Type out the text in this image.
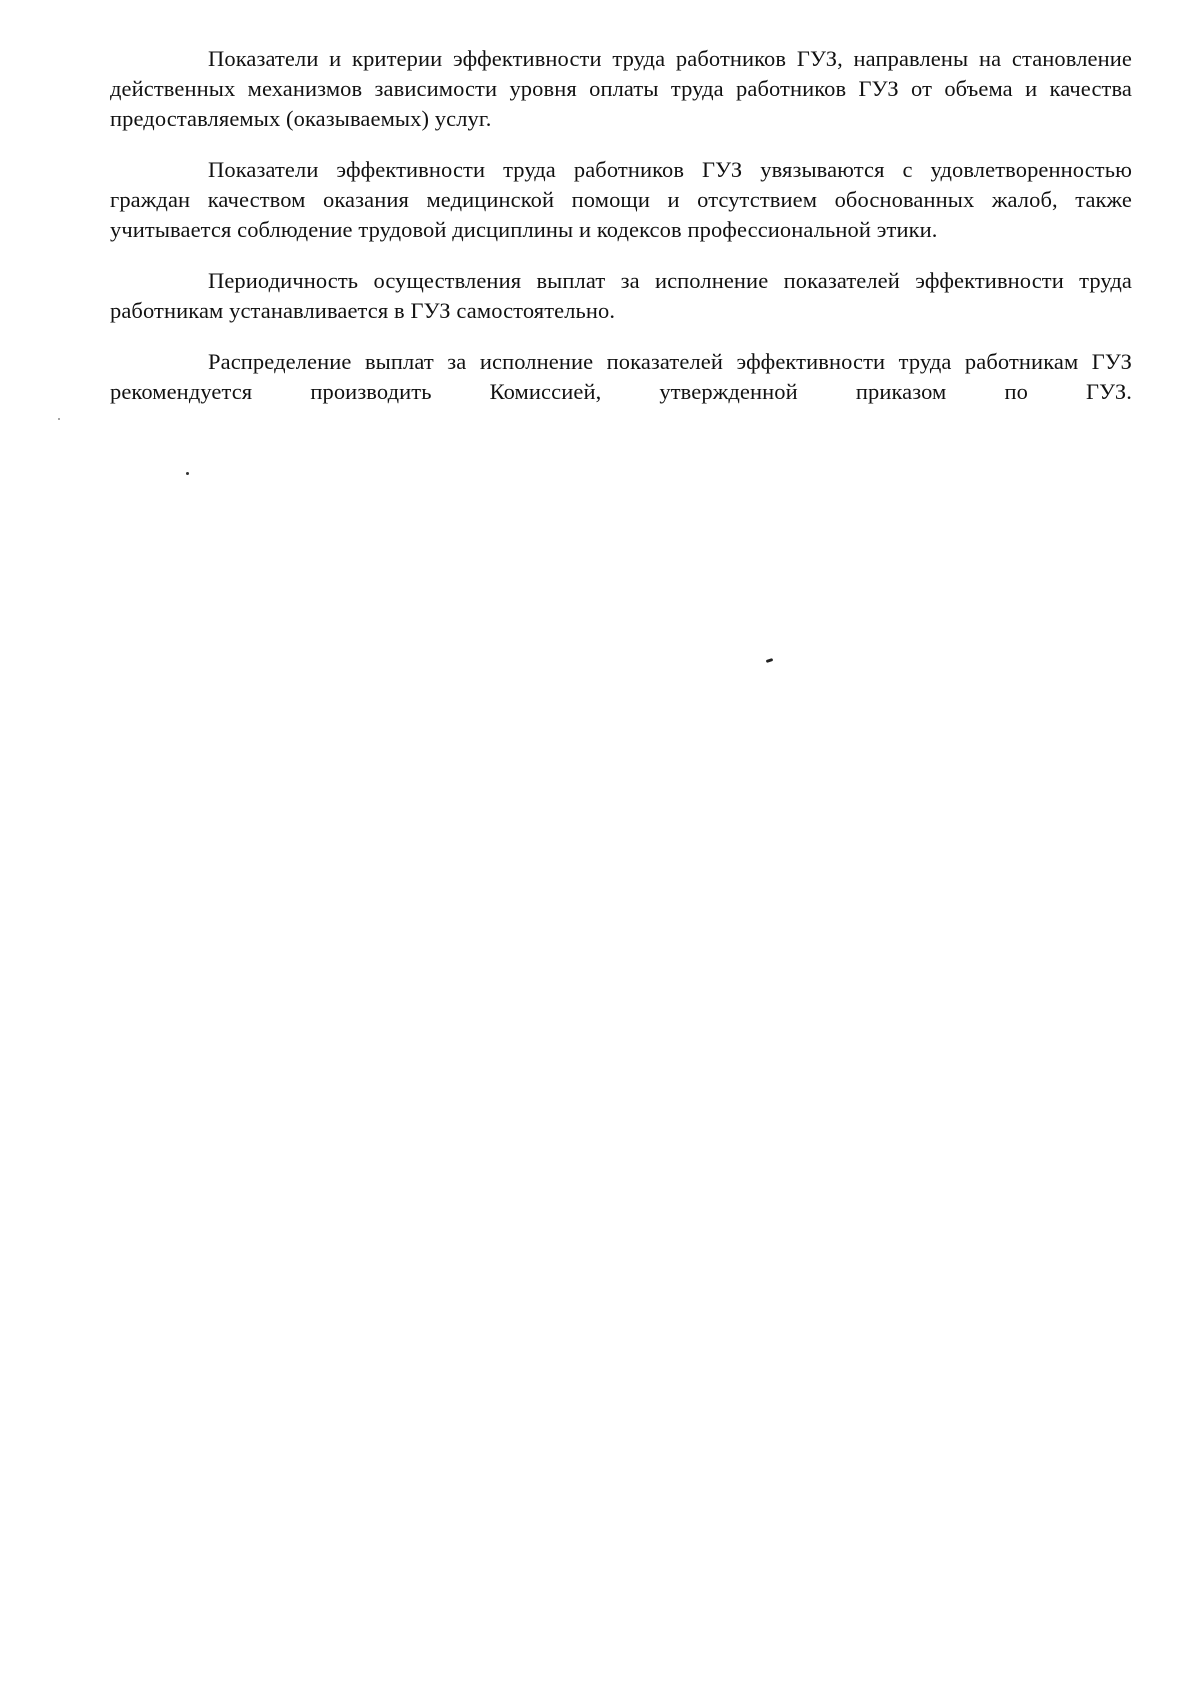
Показатели и критерии эффективности труда работников ГУЗ, направлены на становление действенных механизмов зависимости уровня оплаты труда работников ГУЗ от объема и качества предоставляемых (оказываемых) услуг.

Показатели эффективности труда работников ГУЗ увязываются с удовлетворенностью граждан качеством оказания медицинской помощи и отсутствием обоснованных жалоб, также учитывается соблюдение трудовой дисциплины и кодексов профессиональной этики.

Периодичность осуществления выплат за исполнение показателей эффективности труда работникам устанавливается в ГУЗ самостоятельно.

Распределение выплат за исполнение показателей эффективности труда работникам ГУЗ рекомендуется производить Комиссией, утвержденной приказом по ГУЗ.
